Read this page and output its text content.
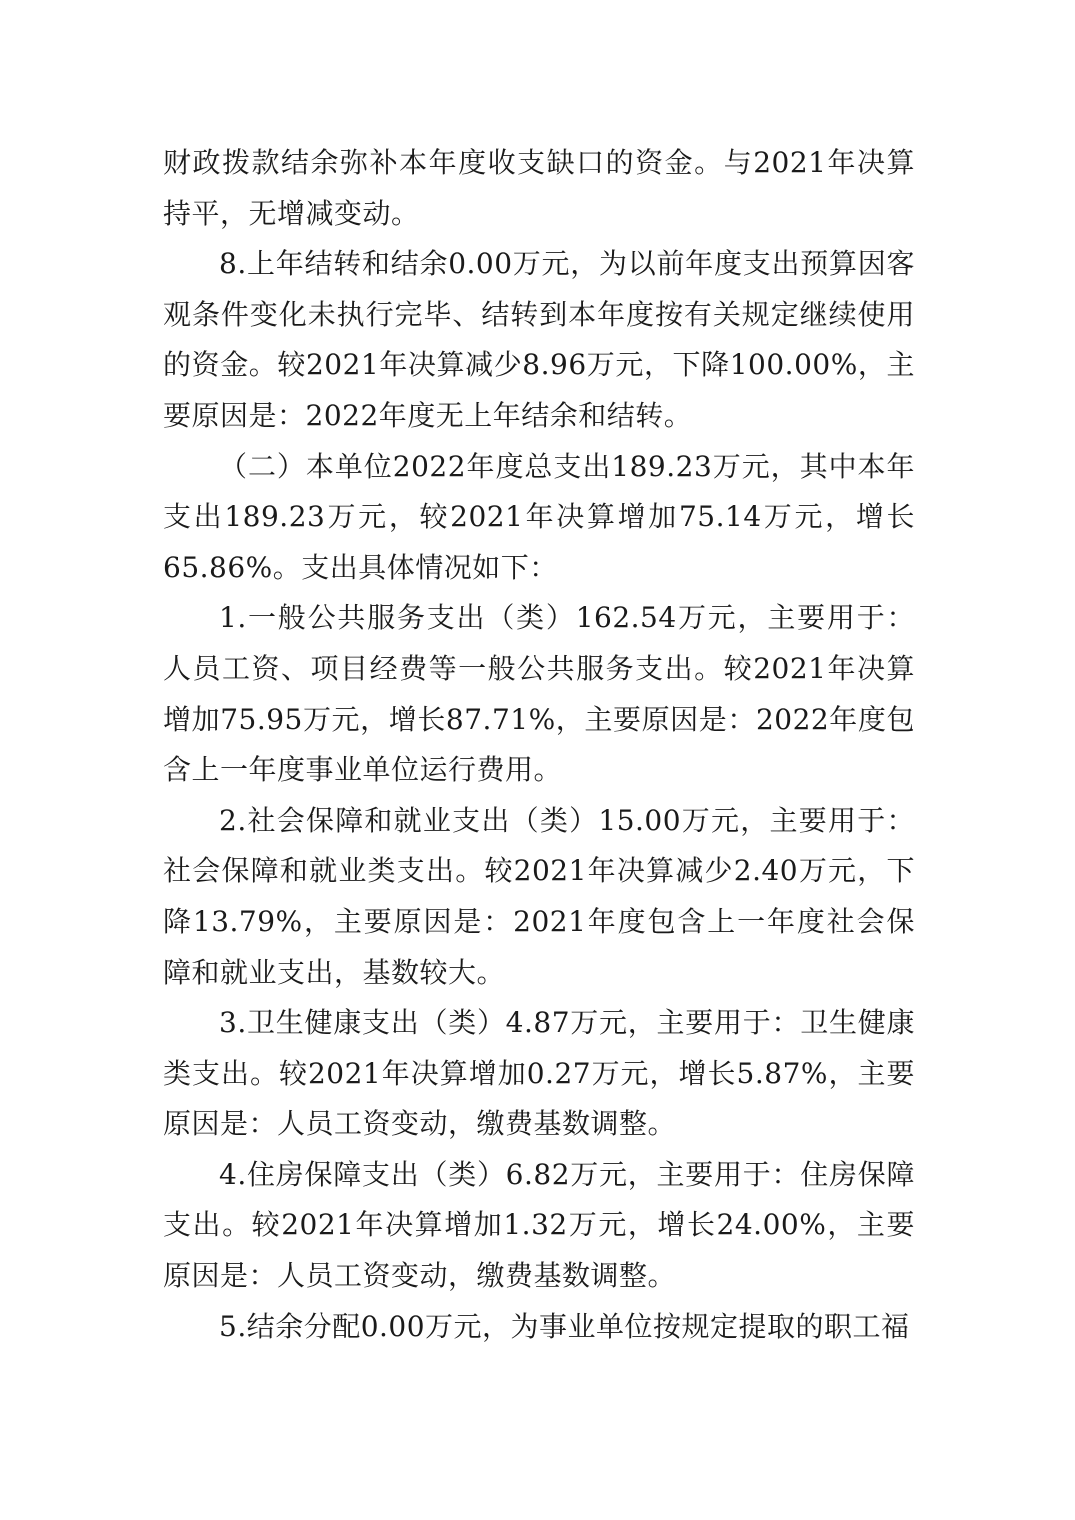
财政拨款结余弥补本年度收支缺口的资金。与2021年决算持平，无增减变动。

8.上年结转和结余0.00万元，为以前年度支出预算因客观条件变化未执行完毕、结转到本年度按有关规定继续使用的资金。较2021年决算减少8.96万元，下降100.00%，主要原因是：2022年度无上年结余和结转。

（二）本单位2022年度总支出189.23万元，其中本年支出189.23万元，较2021年决算增加75.14万元，增长65.86%。支出具体情况如下：

1.一般公共服务支出（类）162.54万元，主要用于：人员工资、项目经费等一般公共服务支出。较2021年决算增加75.95万元，增长87.71%，主要原因是：2022年度包含上一年度事业单位运行费用。

2.社会保障和就业支出（类）15.00万元，主要用于：社会保障和就业类支出。较2021年决算减少2.40万元，下降13.79%，主要原因是：2021年度包含上一年度社会保障和就业支出，基数较大。

3.卫生健康支出（类）4.87万元，主要用于：卫生健康类支出。较2021年决算增加0.27万元，增长5.87%，主要原因是：人员工资变动，缴费基数调整。

4.住房保障支出（类）6.82万元，主要用于：住房保障支出。较2021年决算增加1.32万元，增长24.00%，主要原因是：人员工资变动，缴费基数调整。

5.结余分配0.00万元，为事业单位按规定提取的职工福
